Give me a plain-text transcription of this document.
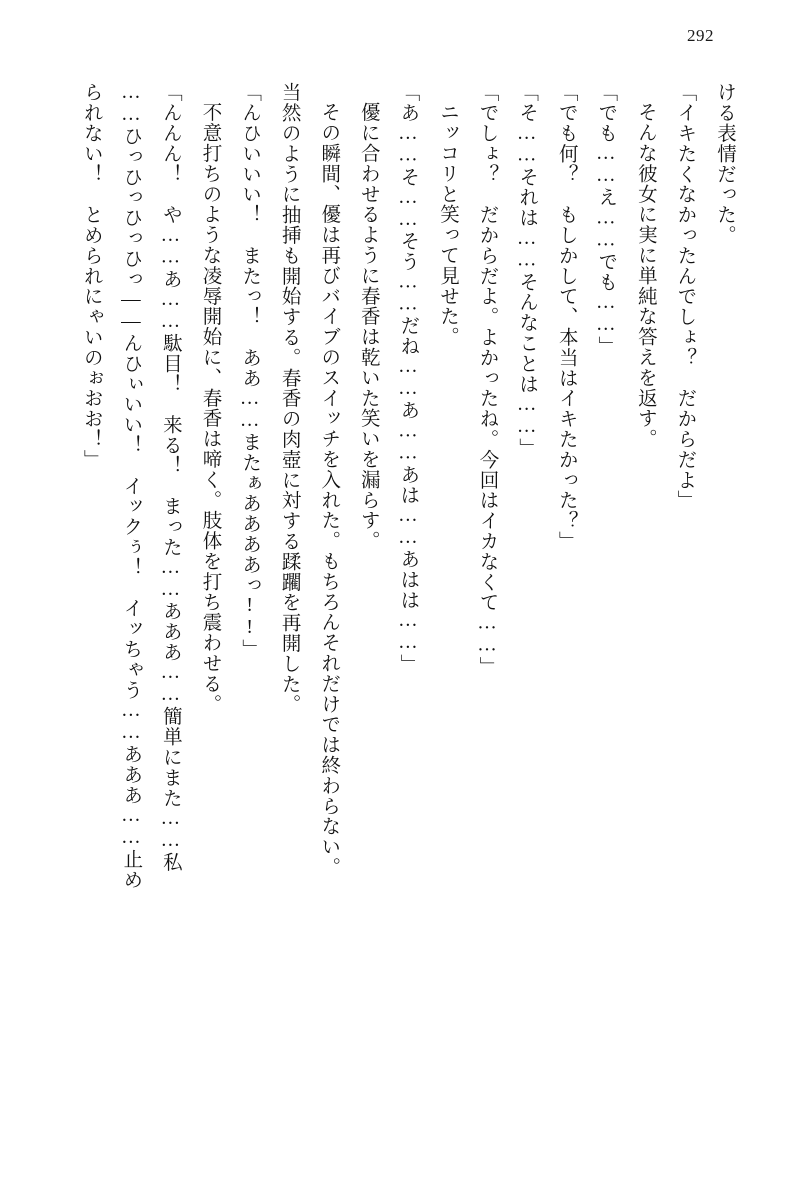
292

ける表情だった。

「イキたくなかったんでしょ？　だからだよ」

そんな彼女に実に単純な答えを返す。

「でも……え……でも……」

「でも何？　もしかして、本当はイキたかった？」

「そ……それは……そんなことは……」

「でしょ？　だからだよ。よかったね。今回はイカなくて……」

ニッコリと笑って見せた。

「あ……そ……そう……だね……あ……あは……あはは……」

優に合わせるように春香は乾いた笑いを漏らす。

その瞬間、優は再びバイブのスイッチを入れた。もちろんそれだけでは終わらない。

当然のように抽挿も開始する。春香の肉壺に対する蹂躙を再開した。

「んひいいい！　またっ！　ああ……またぁああああっ!!」

不意打ちのような凌辱開始に、春香は啼く。肢体を打ち震わせる。

「んんん！　や……あ……駄目！　来る！　まった……あああ……簡単にまた……私

……ひっひっひっひっ——んひぃいい！　イックぅ！　イッちゃう……あああ……止め

られない！　とめられにゃいのぉおお！」
